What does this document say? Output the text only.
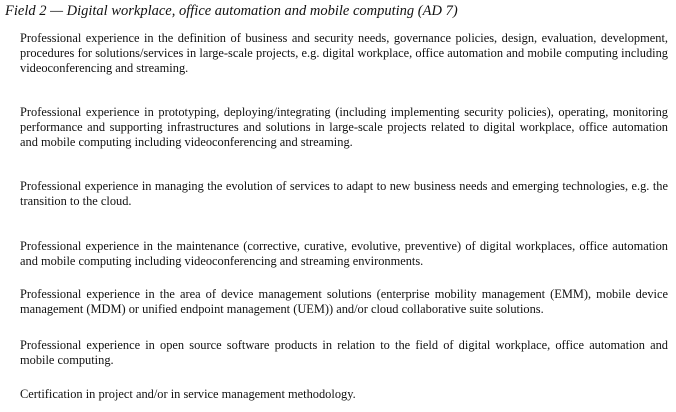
Field 2 — Digital workplace, office automation and mobile computing (AD 7)
Professional experience in the definition of business and security needs, governance policies, design, evaluation, development, procedures for solutions/services in large-scale projects, e.g. digital workplace, office automation and mobile computing including videoconferencing and streaming.
Professional experience in prototyping, deploying/integrating (including implementing security policies), operating, monitoring performance and supporting infrastructures and solutions in large-scale projects related to digital workplace, office automation and mobile computing including videoconferencing and streaming.
Professional experience in managing the evolution of services to adapt to new business needs and emerging technologies, e.g. the transition to the cloud.
Professional experience in the maintenance (corrective, curative, evolutive, preventive) of digital workplaces, office automation and mobile computing including videoconferencing and streaming environments.
Professional experience in the area of device management solutions (enterprise mobility management (EMM), mobile device management (MDM) or unified endpoint management (UEM)) and/or cloud collaborative suite solutions.
Professional experience in open source software products in relation to the field of digital workplace, office automation and mobile computing.
Certification in project and/or in service management methodology.
